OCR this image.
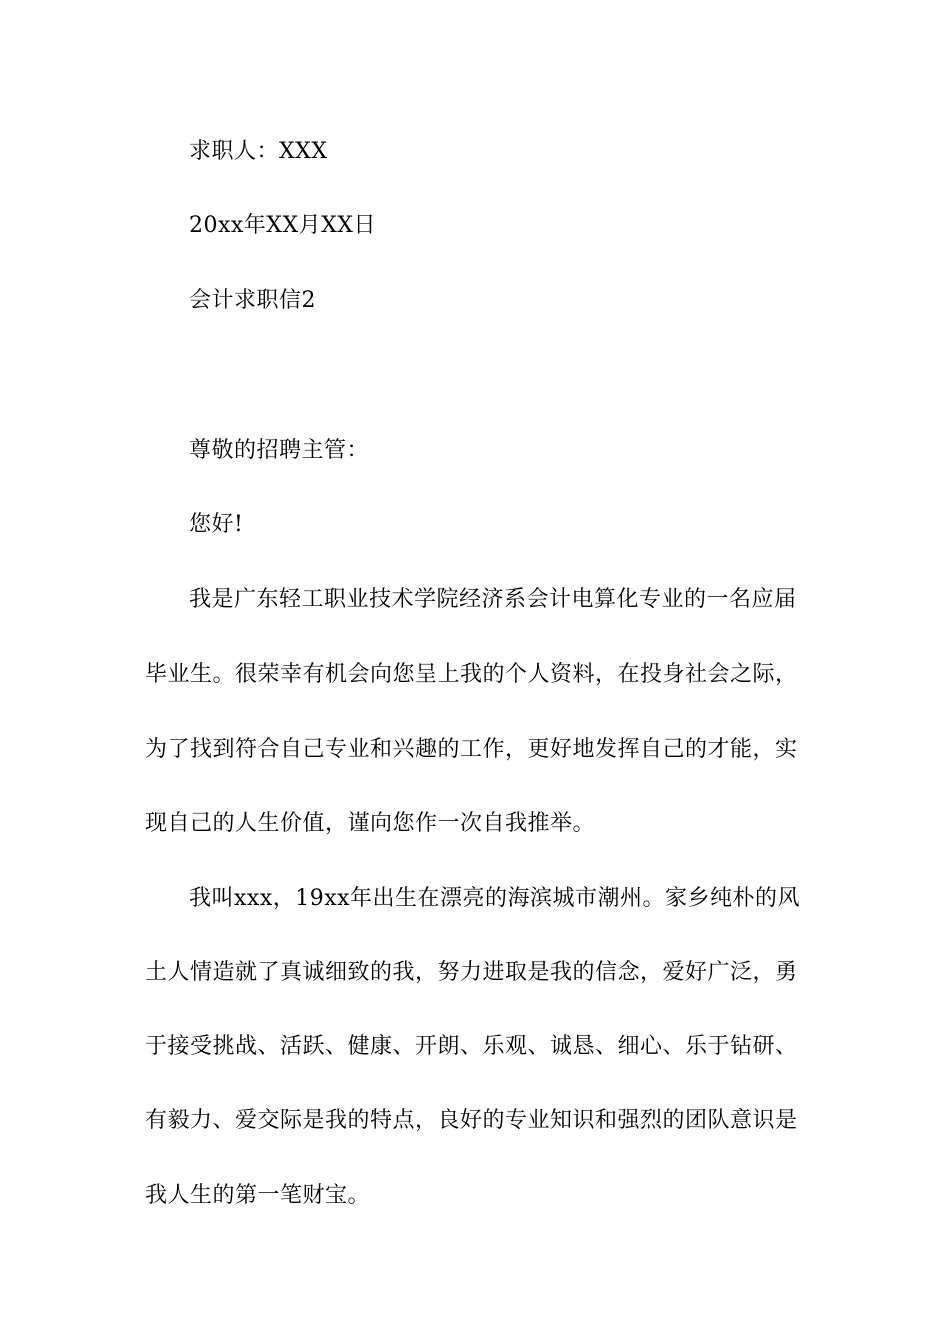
求职人：XXX
20xx年XX月XX日
会计求职信2
尊敬的招聘主管：
您好!
我是广东轻工职业技术学院经济系会计电算化专业的一名应届
毕业生。很荣幸有机会向您呈上我的个人资料，在投身社会之际，
为了找到符合自己专业和兴趣的工作，更好地发挥自己的才能，实
现自己的人生价值，谨向您作一次自我推举。
我叫xxx，19xx年出生在漂亮的海滨城市潮州。家乡纯朴的风
土人情造就了真诚细致的我，努力进取是我的信念，爱好广泛，勇
于接受挑战、活跃、健康、开朗、乐观、诚恳、细心、乐于钻研、
有毅力、爱交际是我的特点，良好的专业知识和强烈的团队意识是
我人生的第一笔财宝。
